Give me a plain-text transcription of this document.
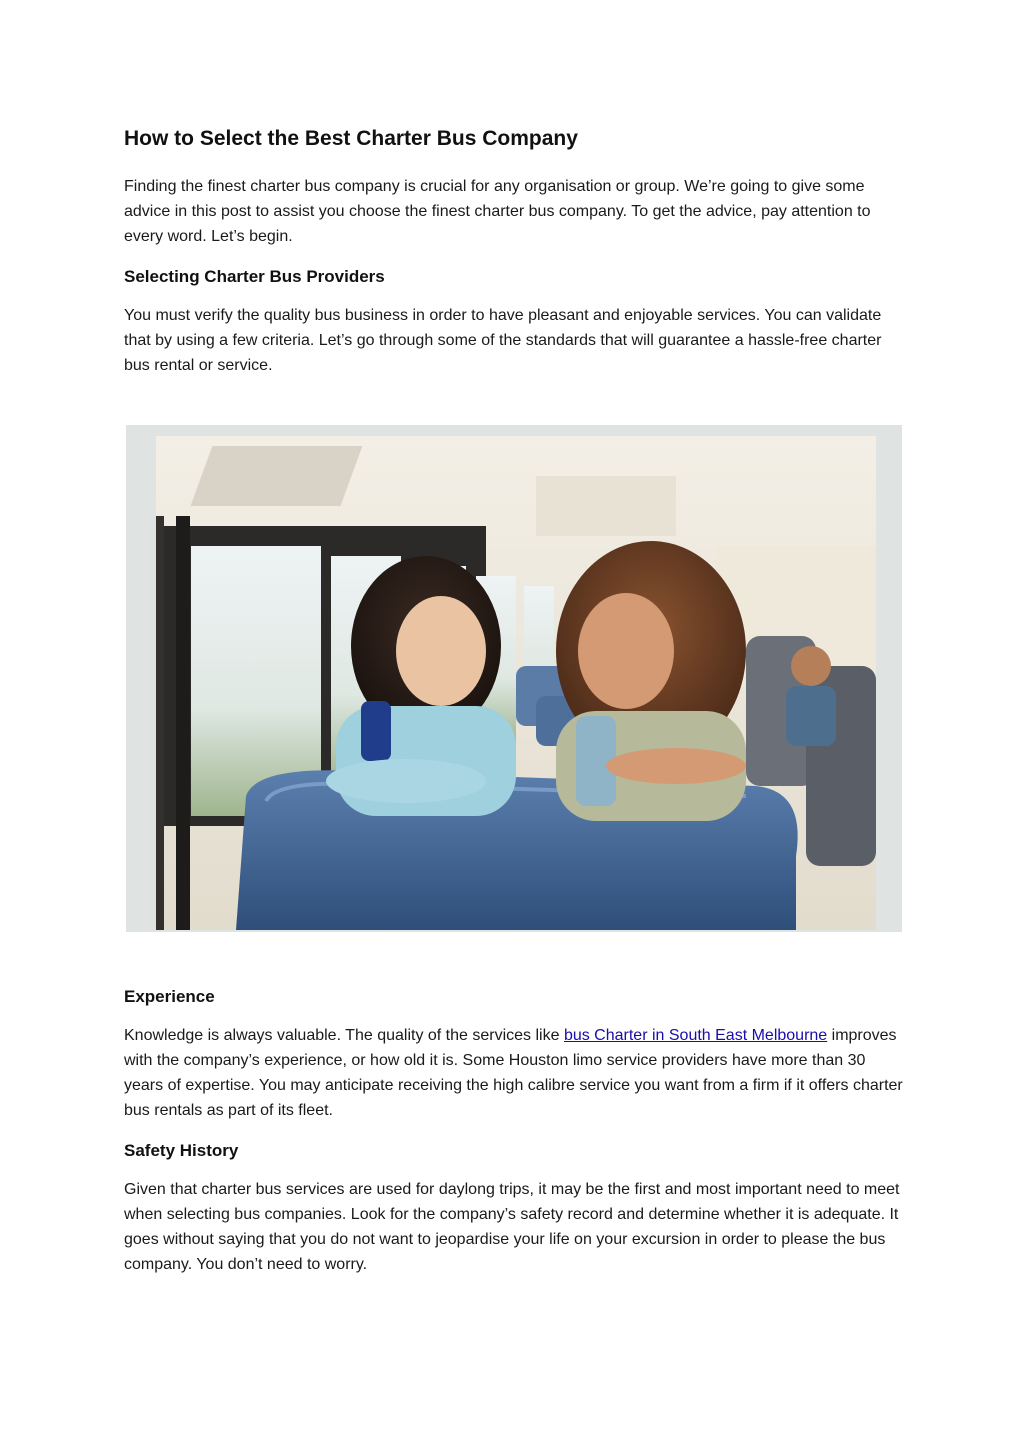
How to Select the Best Charter Bus Company

Finding the finest charter bus company is crucial for any organisation or group. We’re going to give some advice in this post to assist you choose the finest charter bus company. To get the advice, pay attention to every word. Let’s begin.

Selecting Charter Bus Providers

You must verify the quality bus business in order to have pleasant and enjoyable services. You can validate that by using a few criteria. Let’s go through some of the standards that will guarantee a hassle-free charter bus rental or service.

Experience

Knowledge is always valuable. The quality of the services like bus Charter in South East Melbourne improves with the company’s experience, or how old it is. Some Houston limo service providers have more than 30 years of expertise. You may anticipate receiving the high calibre service you want from a firm if it offers charter bus rentals as part of its fleet.

Safety History

Given that charter bus services are used for daylong trips, it may be the first and most important need to meet when selecting bus companies. Look for the company’s safety record and determine whether it is adequate. It goes without saying that you do not want to jeopardise your life on your excursion in order to please the bus company. You don’t need to worry.
